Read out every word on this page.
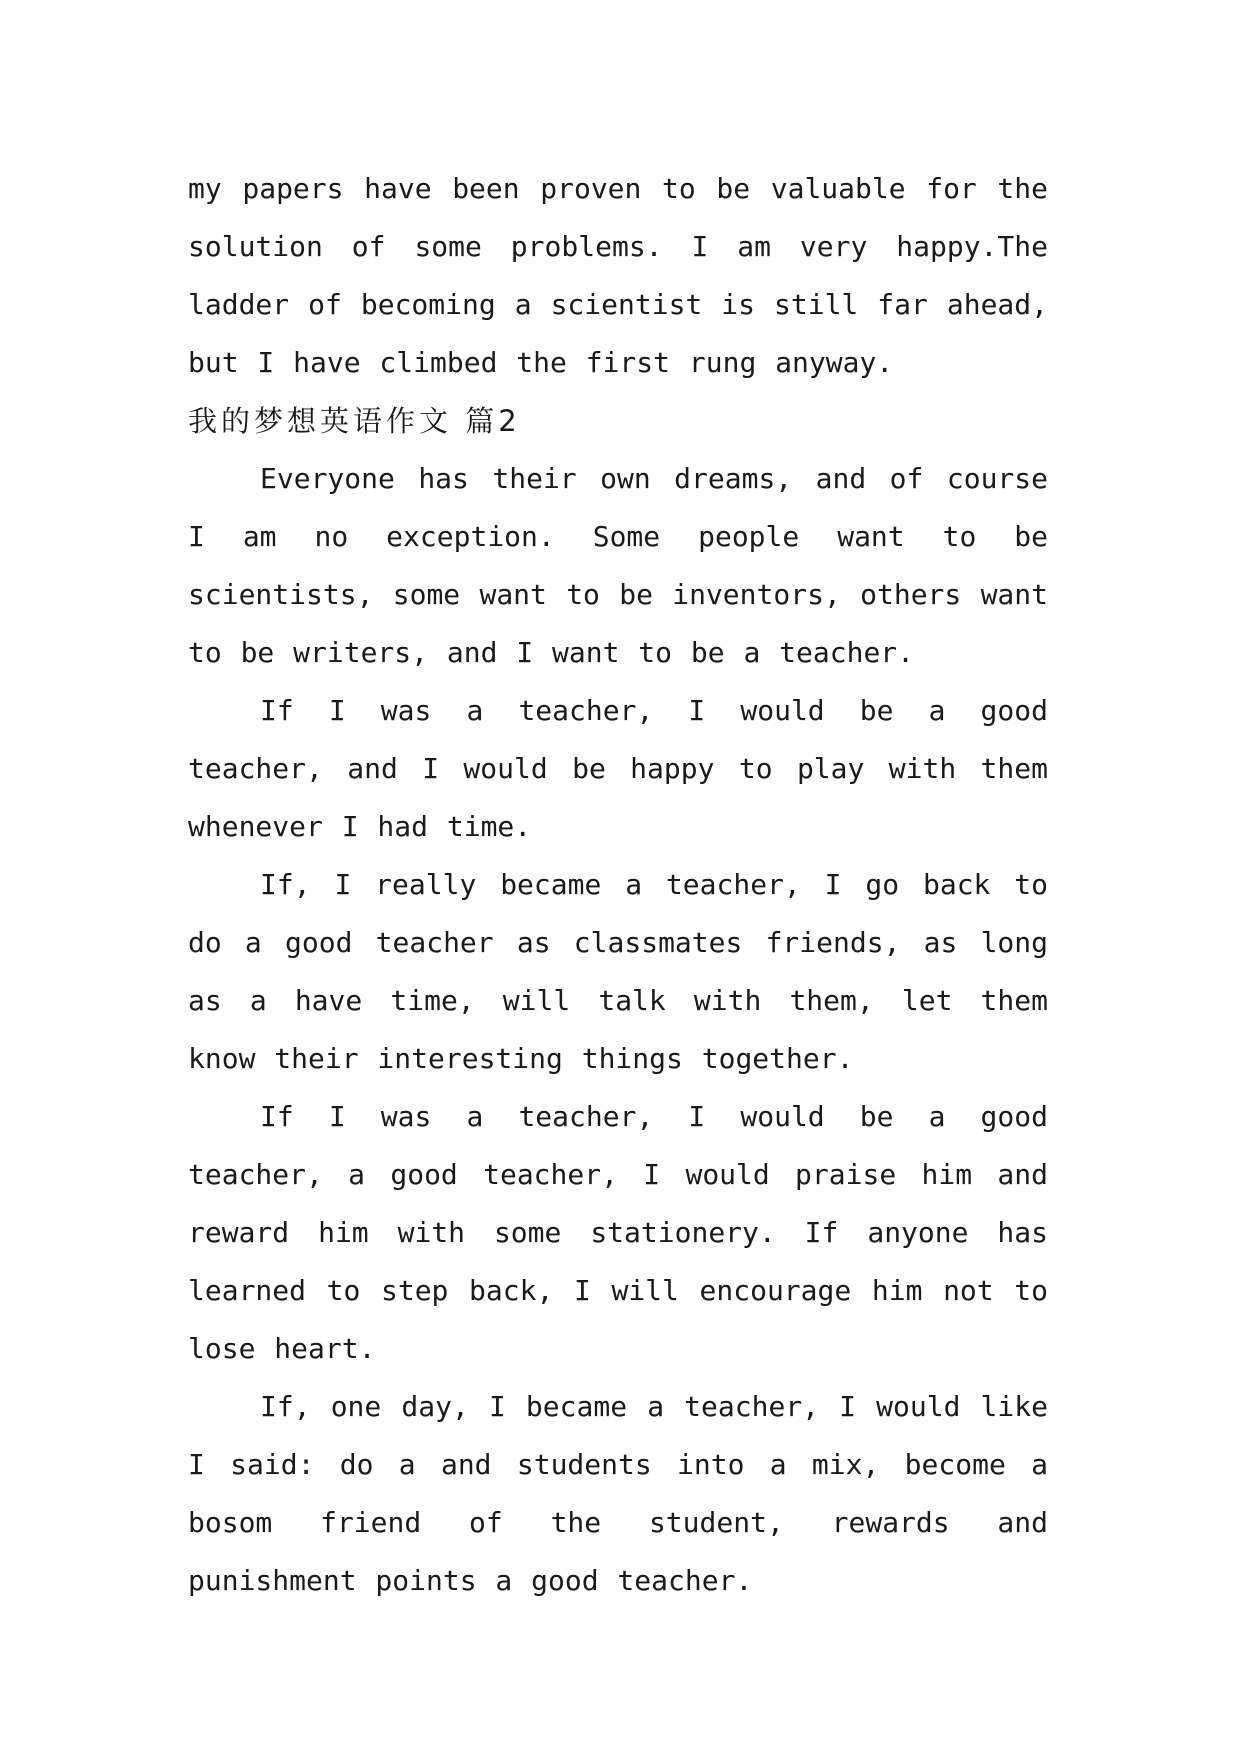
my papers have been proven to be valuable for the solution of some problems. I am very happy.The ladder of becoming a scientist is still far ahead, but I have climbed the first rung anyway.

我的梦想英语作文 篇2

Everyone has their own dreams, and of course I am no exception. Some people want to be scientists, some want to be inventors, others want to be writers, and I want to be a teacher.

If I was a teacher, I would be a good teacher, and I would be happy to play with them whenever I had time.

If, I really became a teacher, I go back to do a good teacher as classmates friends, as long as a have time, will talk with them, let them know their interesting things together.

If I was a teacher, I would be a good teacher, a good teacher, I would praise him and reward him with some stationery. If anyone has learned to step back, I will encourage him not to lose heart.

If, one day, I became a teacher, I would like I said: do a and students into a mix, become a bosom friend of the student, rewards and punishment points a good teacher.
